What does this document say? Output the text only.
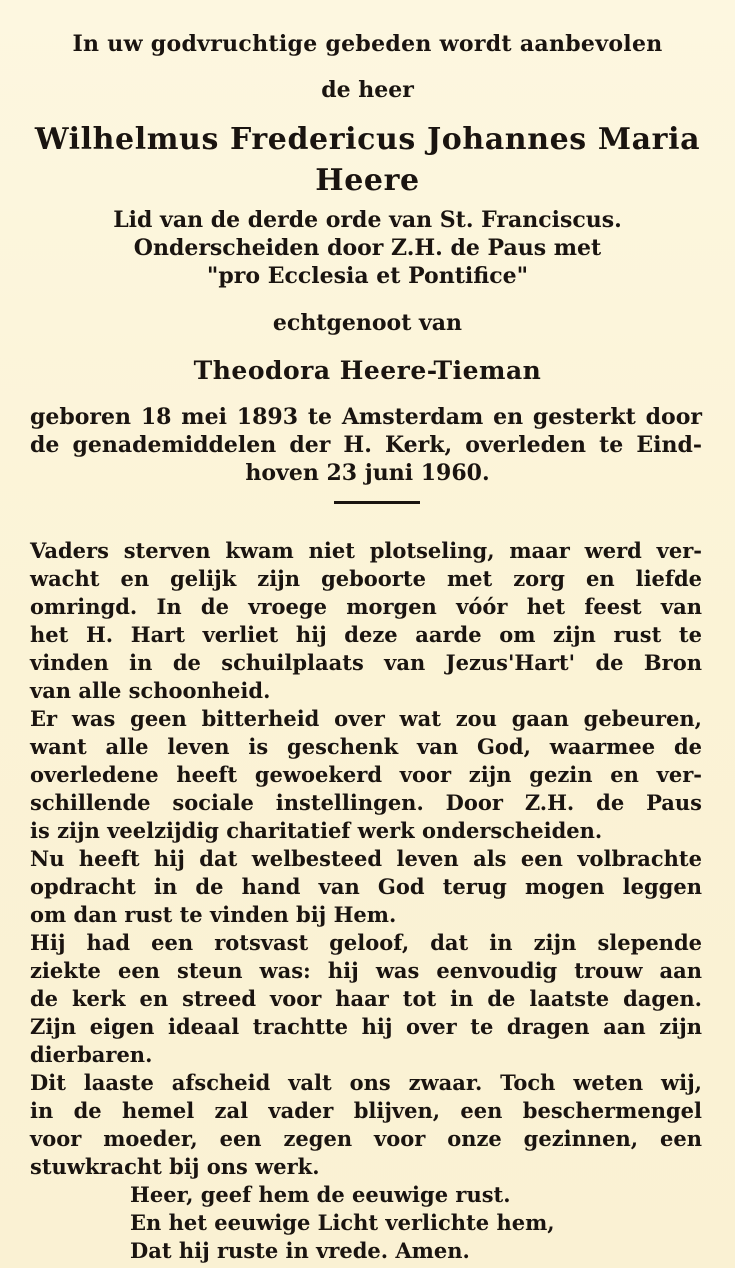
In uw godvruchtige gebeden wordt aanbevolen
de heer
Wilhelmus Fredericus Johannes Maria
Heere
Lid van de derde orde van St. Franciscus.
Onderscheiden door Z.H. de Paus met
"pro Ecclesia et Pontifice"
echtgenoot van
Theodora Heere-Tieman
geboren 18 mei 1893 te Amsterdam en gesterkt door
de genademiddelen der H. Kerk, overleden te Eind-
hoven 23 juni 1960.
Vaders sterven kwam niet plotseling, maar werd ver-
wacht en gelijk zijn geboorte met zorg en liefde
omringd. In de vroege morgen vóór het feest van
het H. Hart verliet hij deze aarde om zijn rust te
vinden in de schuilplaats van Jezus'Hart' de Bron
van alle schoonheid.
Er was geen bitterheid over wat zou gaan gebeuren,
want alle leven is geschenk van God, waarmee de
overledene heeft gewoekerd voor zijn gezin en ver-
schillende sociale instellingen. Door Z.H. de Paus
is zijn veelzijdig charitatief werk onderscheiden.
Nu heeft hij dat welbesteed leven als een volbrachte
opdracht in de hand van God terug mogen leggen
om dan rust te vinden bij Hem.
Hij had een rotsvast geloof, dat in zijn slepende
ziekte een steun was: hij was eenvoudig trouw aan
de kerk en streed voor haar tot in de laatste dagen.
Zijn eigen ideaal trachtte hij over te dragen aan zijn
dierbaren.
Dit laaste afscheid valt ons zwaar. Toch weten wij,
in de hemel zal vader blijven, een beschermengel
voor moeder, een zegen voor onze gezinnen, een
stuwkracht bij ons werk.
Heer, geef hem de eeuwige rust.
En het eeuwige Licht verlichte hem,
Dat hij ruste in vrede. Amen.
